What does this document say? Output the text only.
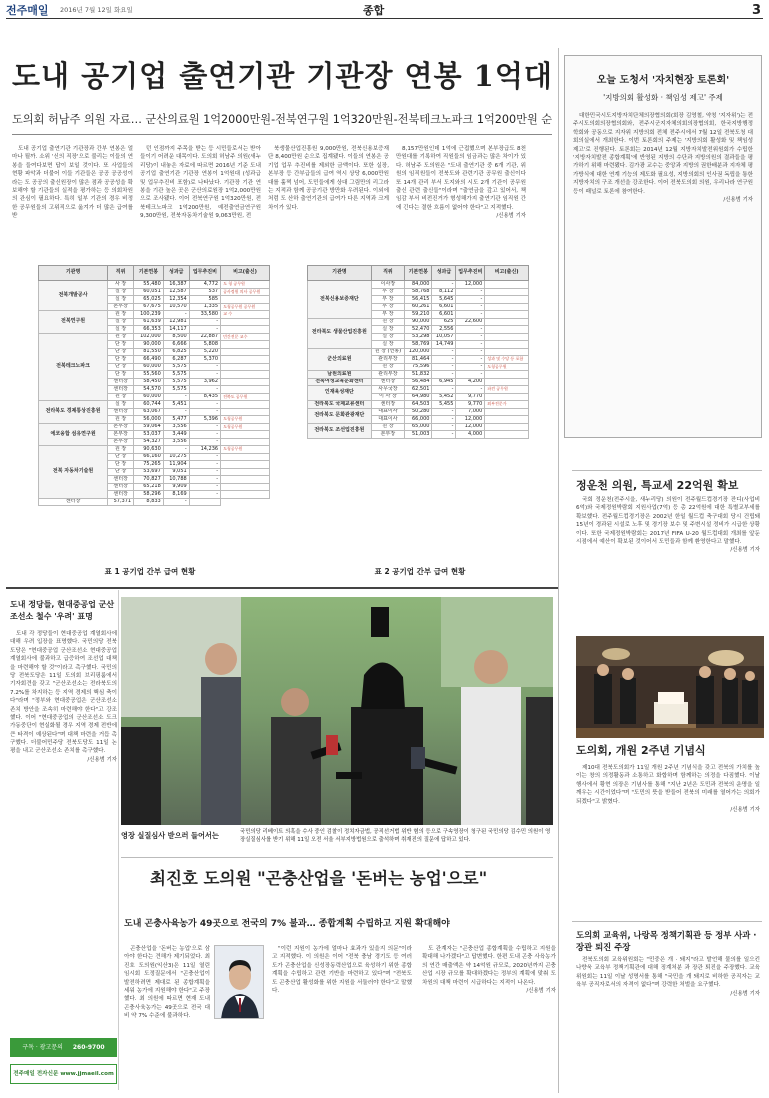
전주매일 2016년 7월 12일 화요일	종합	3
도내 공기업 출연기관 기관장 연봉 1억대
도의회 허남주 의원 자료… 군산의료원 1억2000만원-전북연구원 1억320만원-전북테크노파크 1억200만원 순

도내 공기업 출연기관 기관장과 간부 연봉은 얼마나 될까. 소위 '신의 직장'으로 불리는 이들의 연봉을 들여다보면 답이 보일 것이다. 또 사업들의 현황 파악과 더불어 이들 기관들은 공공 공공성이라는 도 공공의 출신원장이 많은 점과 공공성을 확보해야 할 기관들의 실적을 평가하는 등 의회차원의 관심이 필요하다. 특히 일부 기관의 경우 비정한 공무원들의 고위직으로 옮겨가 더 많은 급여를 받

던 인점까지 주목을 받는 등 시민들로서는 받아들이기 어려운 대목이다. 도의회 허남주 의원(새누리당)이 내놓은 자료에 따르면 2016년 기준 도내 공기업 출연기관 기관장 연봉이 1억원대 (성과급 및 업무추진비 포함)로 나타났다. 기관장 기관 연봉을 기관 높은 곳은 군산의료원장 1억2,000만원으로 조사됐다. 이어 전북연구원 1억320만원, 전북테크노파크 1억200만원, 예전출연금연구원 9,300만원, 전북자동차기술원 9,063만원, 전

북생물산업진흥원 9,000만원, 전북신용보증재단 8,400만원 순으로 집계됐다. 이들의 연봉은 공기업 업무 추진비를 제외한 금액이다. 또한 실장, 본부장 등 간부급들의 급여 역시 상당 6,000만원대를 훌쩍 넘어, 도민들에게 상대 그림만의 리그라는 지적과 함께 공공기관 방만화 우려된다. 이외에 처럼 도 산하 출연기관의 급여가 다른 지역과 크게 차이가 있다.

8,157만원인데 1억에 근접했으며 본부장급도 8천만원대를 기록하여 직원들의 임금과는 많은 차이가 있다. 허남주 도의원은 "도내 출연기관 중 6개 기관, 위원의 임직원들이 전북도와 관련기관 공무원 출신이다 또 14개 관리 부서 도지와의 시도 2개 기관이 공무원 출신 관련 출신들"이라며 "출연금을 갚고 있어서, 책임감 부서 비전진거가 형성해가지 출연기관 임직원 간에 긴다는 결한 흐름이 없어야 한다"고 지적했다.

/신용범 기자
기관명	직위	기본연봉	성과급	업무추진비	비고(출신)
전북개발공사	사 장	55,480	16,387	4,772	도 청 공무원
	실 장	60,051	12,587	537	공사정원 의사 공무원
	실 장	65,025	12,354	585	
	본부장	67,675	10,570	1,335	도청공무원 공무원
전북연구원	원 장	100,239	-	33,580	교 수
	실 장	61,639	12,981	-	
	실 장	66,353	14,117	-	
전북테크노파크	원 장	102,000	8,500	22,887	민간전문 교수
	단 장	90,000	6,666	5,808	
	단 장	81,550	6,825	5,220	
	단 장	66,490	6,287	5,370	
	단 장	60,000	5,575	-	
	단 장	55,560	5,575	-	
	센터장	58,450	5,575	3,962	
	센터장	54,570	5,575	-	
	원 장	60,000	-	8,435	전북도 공무원
전라북도 경제통상진흥원	실 장	60,744	5,451	-	
	센터장	63,067	-	-	
	원 장	56,000	5,477	5,396	도청공무원
에코융합 섬유연구원	본부장	59,064	3,556	-	도청공무원
	본부장	53,037	3,449	-	
	본부장	54,327	3,556	-	
전북 자동차기술원	원 장	90,630	-	14,236	도청공무원
	단 장	66,160	10,275	-	
	단 장	75,265	11,904	-	
	단 장	53,697	9,051	-	
	센터장	70,827	10,788	-	
	센터장	65,218	9,909	-	
	센터장	58,296	8,169	-	
센터장	57,371	8,833	-		
표 1 공기업 간부 급여 현황
기관명	직위	기본연봉	성과급	업무추진비	비고(출신)
전북신용보증재단	이사장	84,000	-	12,000	
	부 장	58,768	8,112	-	
	부 장	56,415	5,645	-	
	부 장	60,261	6,601	-	
	부 장	59,210	6,601	-	
전라북도 생물산업진흥원	원 장	90,000	625	22,600	
	실 장	52,470	2,556	-	
	실 장	53,298	10,057	-	
	실 장	58,769	14,749	-	
군산의료원	원 장 (연봉)	120,000	-	-	
	관리부장	81,464	-	-	성과 및 수당 등 포함
	원 장	75,596	-	-	도청공무원
남원의료원	관리부장	51,832	-	-	
전북여성교육문화센터	센터장	56,484	6,945	4,200	
인재육성재단	사무국장	62,501	-	-	파견 공무원
	이 사 장	64,980	5,452	9,770	
전라북도 국제교류센터	센터장	64,503	5,455	9,770	외부전문가
전라북도 문화관광재단	대표이사	50,280	-	7,000	
	대표이사	66,000	-	12,000	
전라북도 조선업진흥원	원 장	65,000	-	12,000	
	본부장	51,003	-	4,000	
표 2 공기업 간부 급여 현황
오늘 도청서 '자치현장 토론회'
'지방의회 활성화 · 책임성 제고' 주제

대한민국시도지방자치단체의장협의회(회장 김영철, 약칭 '지자위')는 전주시도의회의장협의회와, 전주시군지자체의회의장협의회, 한국지방행정학회와 공동으로 지자위 지방의회 전체 전주시에서 7월 12일 전북도청 대회의실에서 개최한다. 이번 토론회의 주제는 '지방의회 활성화 및 책임성 제고'로 진행된다. 토론회는 2014년 12월 지방자치발전위원회가 수립한 '지방자치발전 종합계획'에 반영된 지방의 수단과 지방의원의 결과들을 평가하기 위해 마련됐다. 김가광 교수는 중앙과 지방의 권한배분과 지자체 평가방식에 대한 연계 기능의 제도화 필요성, 지방의회의 인사권 독립을 통한 지방자치의 구조 개선을 강조한다. 이어 전북도의회 의원, 우리나라 연구원 등이 패널로 토론에 참여한다.

/신용범 기자
정운천 의원, 특교세 22억원 확보

국회 정운천(전주시을, 새누리당) 의원이 전주월드컵경기장 잔디(사업비 6억)와 국제정원박람회 지원사업(7억) 등 총 22억원에 대한 특별교부세를 확보했다. 전주월드컵경기장은 2002년 한일 월드컵 축구대회 당시 건립돼 15년이 경과된 시설로 노후 및 경기장 보수 및 주변시설 정비가 시급한 상황이다. 또한 국제정원박람회는 2017년 FIFA U-20 월드컵대회 개최를 앞둔 시점에서 예산이 확보된 것이어서 도민들과 함께 환영한다고 말했다.

/신용범 기자
도의회, 개원 2주년 기념식

제10대 전북도의회가 11일 개원 2주년 기념식을 갖고 전북의 가치를 높이는 창의 의정활동과 소통하고 화합하며 함께하는 의정을 다짐했다. 이날 행사에서 황현 의장은 기념사를 통해 "지난 2년은 도민과 전북의 운명을 일깨우는 시간이었다"며 "도민의 뜻을 받들어 전북의 미래를 열어가는 의회가 되겠다"고 밝혔다.

/신용범 기자
도의회 교육위, 나랑목 정책기획관 등 정부 사과 · 장관 퇴진 주장

전북도의회 교육위원회는 "민중은 개 · 돼지"라고 발언해 물의를 일으킨 나향욱 교육부 정책기획관에 대해 징계처분 과 장관 퇴진을 주장했다. 교육위원회는 11일 이날 성명서를 통해 "국민을 개 돼지로 비하한 공직자는 교육부 공직자로서의 자격이 없다"며 강력한 처벌을 요구했다.

/신용범 기자
도내 정당들, 현대중공업 군산조선소 철수 '우려' 표명

도내 각 정당들이 현대중공업 계열회사에 대해 우려 입장을 표명했다. 국민의당 전북도당은 "현대중공업 군산조선소 현대중공업 계열회사에 불과하고 급증하여 조선업 대책을 마련해야 할 것"이라고 촉구했다. 국민의당 전북도당은 11일 도의회 브리핑룸에서 기자회견을 갖고 "군산조선소는 전라북도의 7.2%를 차지하는 등 지역 경제의 핵심 축이다"라며 "정부와 현대중공업은 군산조선소 존치 방안을 조속히 마련해야 한다"고 강조했다. 이어 "현대중공업의 군산조선소 도크 가동중단이 현실화될 경우 지역 경제 전반에 큰 타격이 예상된다"며 대책 마련을 거듭 촉구했다. 더불어민주당 전북도당도 11일 논평을 내고 군산조선소 존치를 촉구했다.

/신용범 기자
영장 실질심사 받으러 들어서는	국민의당 리베이트 의혹을 수사 중인 검찰이 정치자금법, 공직선거법 위반 혐의 등으로 구속영장이 청구된 국민의당 김수민 의원이 영장실질심사를 받기 위해 11일 오전 서울 서부지방법원으로 출석하며 취재진의 질문에 답하고 있다.
최진호 도의원 "곤충산업을 '돈버는 농업'으로"
도내 곤충사육농가 49곳으로 전국의 7% 불과… 종합계획 수립하고 지원 확대해야

곤충산업을 '돈버는 농업'으로 삼아야 한다는 견해가 제기되었다. 최진호 도의원(익산3)은 11일 열린 임시회 도정질문에서 "곤충산업이 발전하려면 제대로 된 종합계획을 세워 농가에 지원해야 한다"고 주장했다. 최 의원에 따르면 현재 도내 곤충사육농가는 49곳으로 전국 대비 약 7% 수준에 불과하다.

"이런 지원이 농가에 얼마나 효과가 있을지 의문"이라고 지적했다. 이 의원은 이어 "전북 충남 경기도 등 여러 도가 곤충산업을 신성장동력산업으로 육성하기 위한 종합계획을 수립하고 관련 기반을 마련하고 있다"며 "전북도도 곤충산업 활성화를 위한 지원을 서둘러야 한다"고 말했다.

도 관계자는 "곤충산업 종합계획을 수립하고 지원을 확대해 나가겠다"고 답변했다. 한편 도내 곤충 사육농가의 연간 매출액은 약 14억원 규모로, 2020년까지 곤충산업 시장 규모를 확대하겠다는 정부의 계획에 맞춰 도 차원의 대책 마련이 시급하다는 지적이 나온다.

/신용범 기자
구독 · 광고문의 260-9700
전주매일 전자신문 www.jjmaeil.com
